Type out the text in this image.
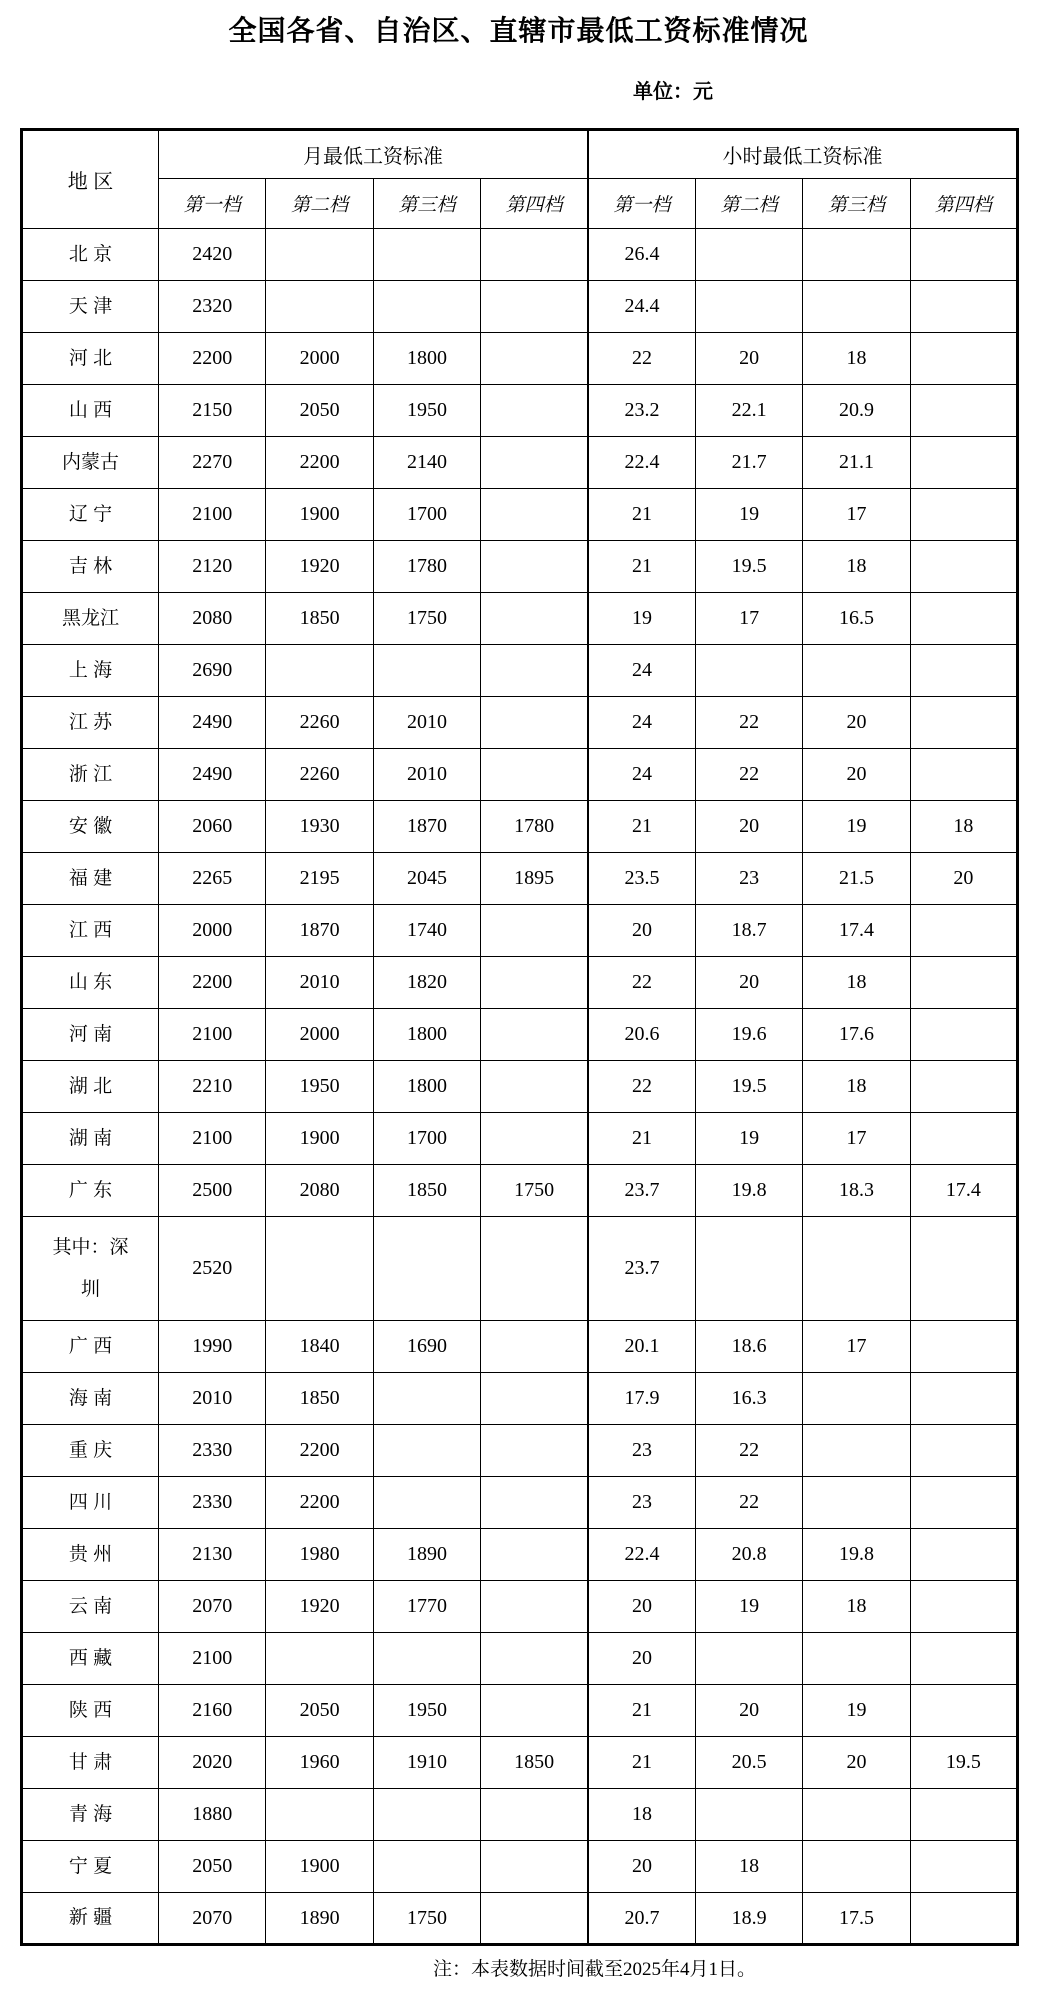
全国各省、自治区、直辖市最低工资标准情况
单位：元
地 区	月最低工资标准				小时最低工资标准			
	第一档	第二档	第三档	第四档	第一档	第二档	第三档	第四档
北 京	2420				26.4			
天 津	2320				24.4			
河 北	2200	2000	1800		22	20	18	
山 西	2150	2050	1950		23.2	22.1	20.9	
内蒙古	2270	2200	2140		22.4	21.7	21.1	
辽 宁	2100	1900	1700		21	19	17	
吉 林	2120	1920	1780		21	19.5	18	
黑龙江	2080	1850	1750		19	17	16.5	
上 海	2690				24			
江 苏	2490	2260	2010		24	22	20	
浙 江	2490	2260	2010		24	22	20	
安 徽	2060	1930	1870	1780	21	20	19	18
福 建	2265	2195	2045	1895	23.5	23	21.5	20
江 西	2000	1870	1740		20	18.7	17.4	
山 东	2200	2010	1820		22	20	18	
河 南	2100	2000	1800		20.6	19.6	17.6	
湖 北	2210	1950	1800		22	19.5	18	
湖 南	2100	1900	1700		21	19	17	
广 东	2500	2080	1850	1750	23.7	19.8	18.3	17.4
其中：深圳	2520				23.7			
广 西	1990	1840	1690		20.1	18.6	17	
海 南	2010	1850			17.9	16.3		
重 庆	2330	2200			23	22		
四 川	2330	2200			23	22		
贵 州	2130	1980	1890		22.4	20.8	19.8	
云 南	2070	1920	1770		20	19	18	
西 藏	2100				20			
陕 西	2160	2050	1950		21	20	19	
甘 肃	2020	1960	1910	1850	21	20.5	20	19.5
青 海	1880				18			
宁 夏	2050	1900			20	18		
新 疆	2070	1890	1750		20.7	18.9	17.5	
注：本表数据时间截至2025年4月1日。
